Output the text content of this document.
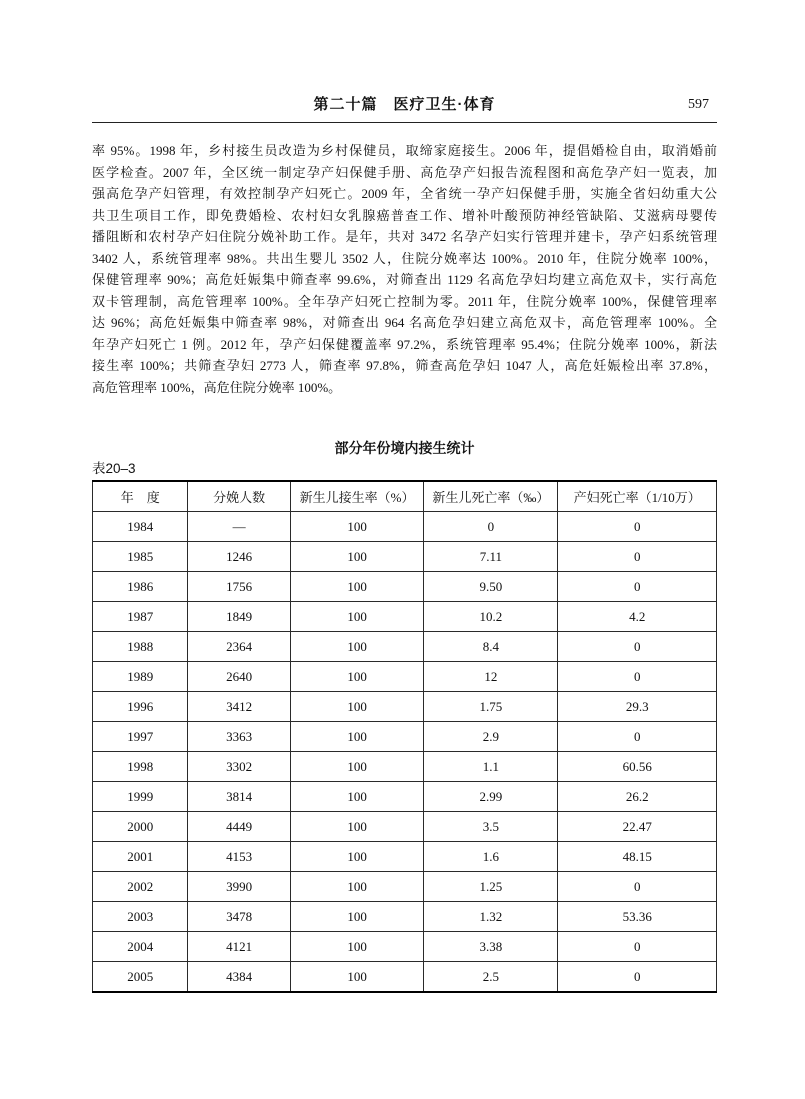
第二十篇　医疗卫生·体育	597
率 95%。1998 年，乡村接生员改造为乡村保健员，取缔家庭接生。2006 年，提倡婚检自由，取消婚前
医学检查。2007 年，全区统一制定孕产妇保健手册、高危孕产妇报告流程图和高危孕产妇一览表，加
强高危孕产妇管理，有效控制孕产妇死亡。2009 年，全省统一孕产妇保健手册，实施全省妇幼重大公
共卫生项目工作，即免费婚检、农村妇女乳腺癌普查工作、增补叶酸预防神经管缺陷、艾滋病母婴传
播阻断和农村孕产妇住院分娩补助工作。是年，共对 3472 名孕产妇实行管理并建卡，孕产妇系统管理
3402 人，系统管理率 98%。共出生婴儿 3502 人，住院分娩率达 100%。2010 年，住院分娩率 100%，
保健管理率 90%；高危妊娠集中筛查率 99.6%，对筛查出 1129 名高危孕妇均建立高危双卡，实行高危
双卡管理制，高危管理率 100%。全年孕产妇死亡控制为零。2011 年，住院分娩率 100%，保健管理率
达 96%；高危妊娠集中筛查率 98%，对筛查出 964 名高危孕妇建立高危双卡，高危管理率 100%。全
年孕产妇死亡 1 例。2012 年，孕产妇保健覆盖率 97.2%，系统管理率 95.4%；住院分娩率 100%，新法
接生率 100%；共筛查孕妇 2773 人，筛查率 97.8%，筛查高危孕妇 1047 人，高危妊娠检出率 37.8%，
高危管理率 100%，高危住院分娩率 100%。
部分年份境内接生统计
表20–3
年　度	分娩人数	新生儿接生率（%）	新生儿死亡率（‰）	产妇死亡率（1/10万）
1984	—	100	0	0
1985	1246	100	7.11	0
1986	1756	100	9.50	0
1987	1849	100	10.2	4.2
1988	2364	100	8.4	0
1989	2640	100	12	0
1996	3412	100	1.75	29.3
1997	3363	100	2.9	0
1998	3302	100	1.1	60.56
1999	3814	100	2.99	26.2
2000	4449	100	3.5	22.47
2001	4153	100	1.6	48.15
2002	3990	100	1.25	0
2003	3478	100	1.32	53.36
2004	4121	100	3.38	0
2005	4384	100	2.5	0
